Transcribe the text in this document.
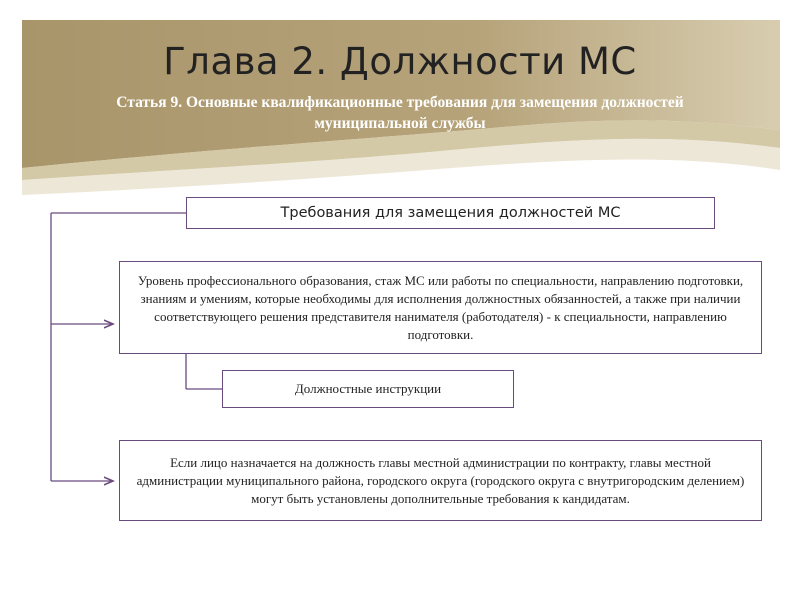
Глава 2. Должности МС
Статья 9. Основные квалификационные требования для замещения должностей муниципальной службы
Требования для замещения должностей МС
Уровень профессионального образования, стаж МС или работы по специальности, направлению подготовки, знаниям и умениям, которые необходимы для исполнения должностных обязанностей, а также при наличии соответствующего решения представителя нанимателя (работодателя) - к специальности, направлению подготовки.
Должностные инструкции
Если лицо назначается на должность главы местной администрации по контракту, главы местной администрации муниципального района, городского округа (городского округа с внутригородским делением) могут быть установлены дополнительные требования к кандидатам.
